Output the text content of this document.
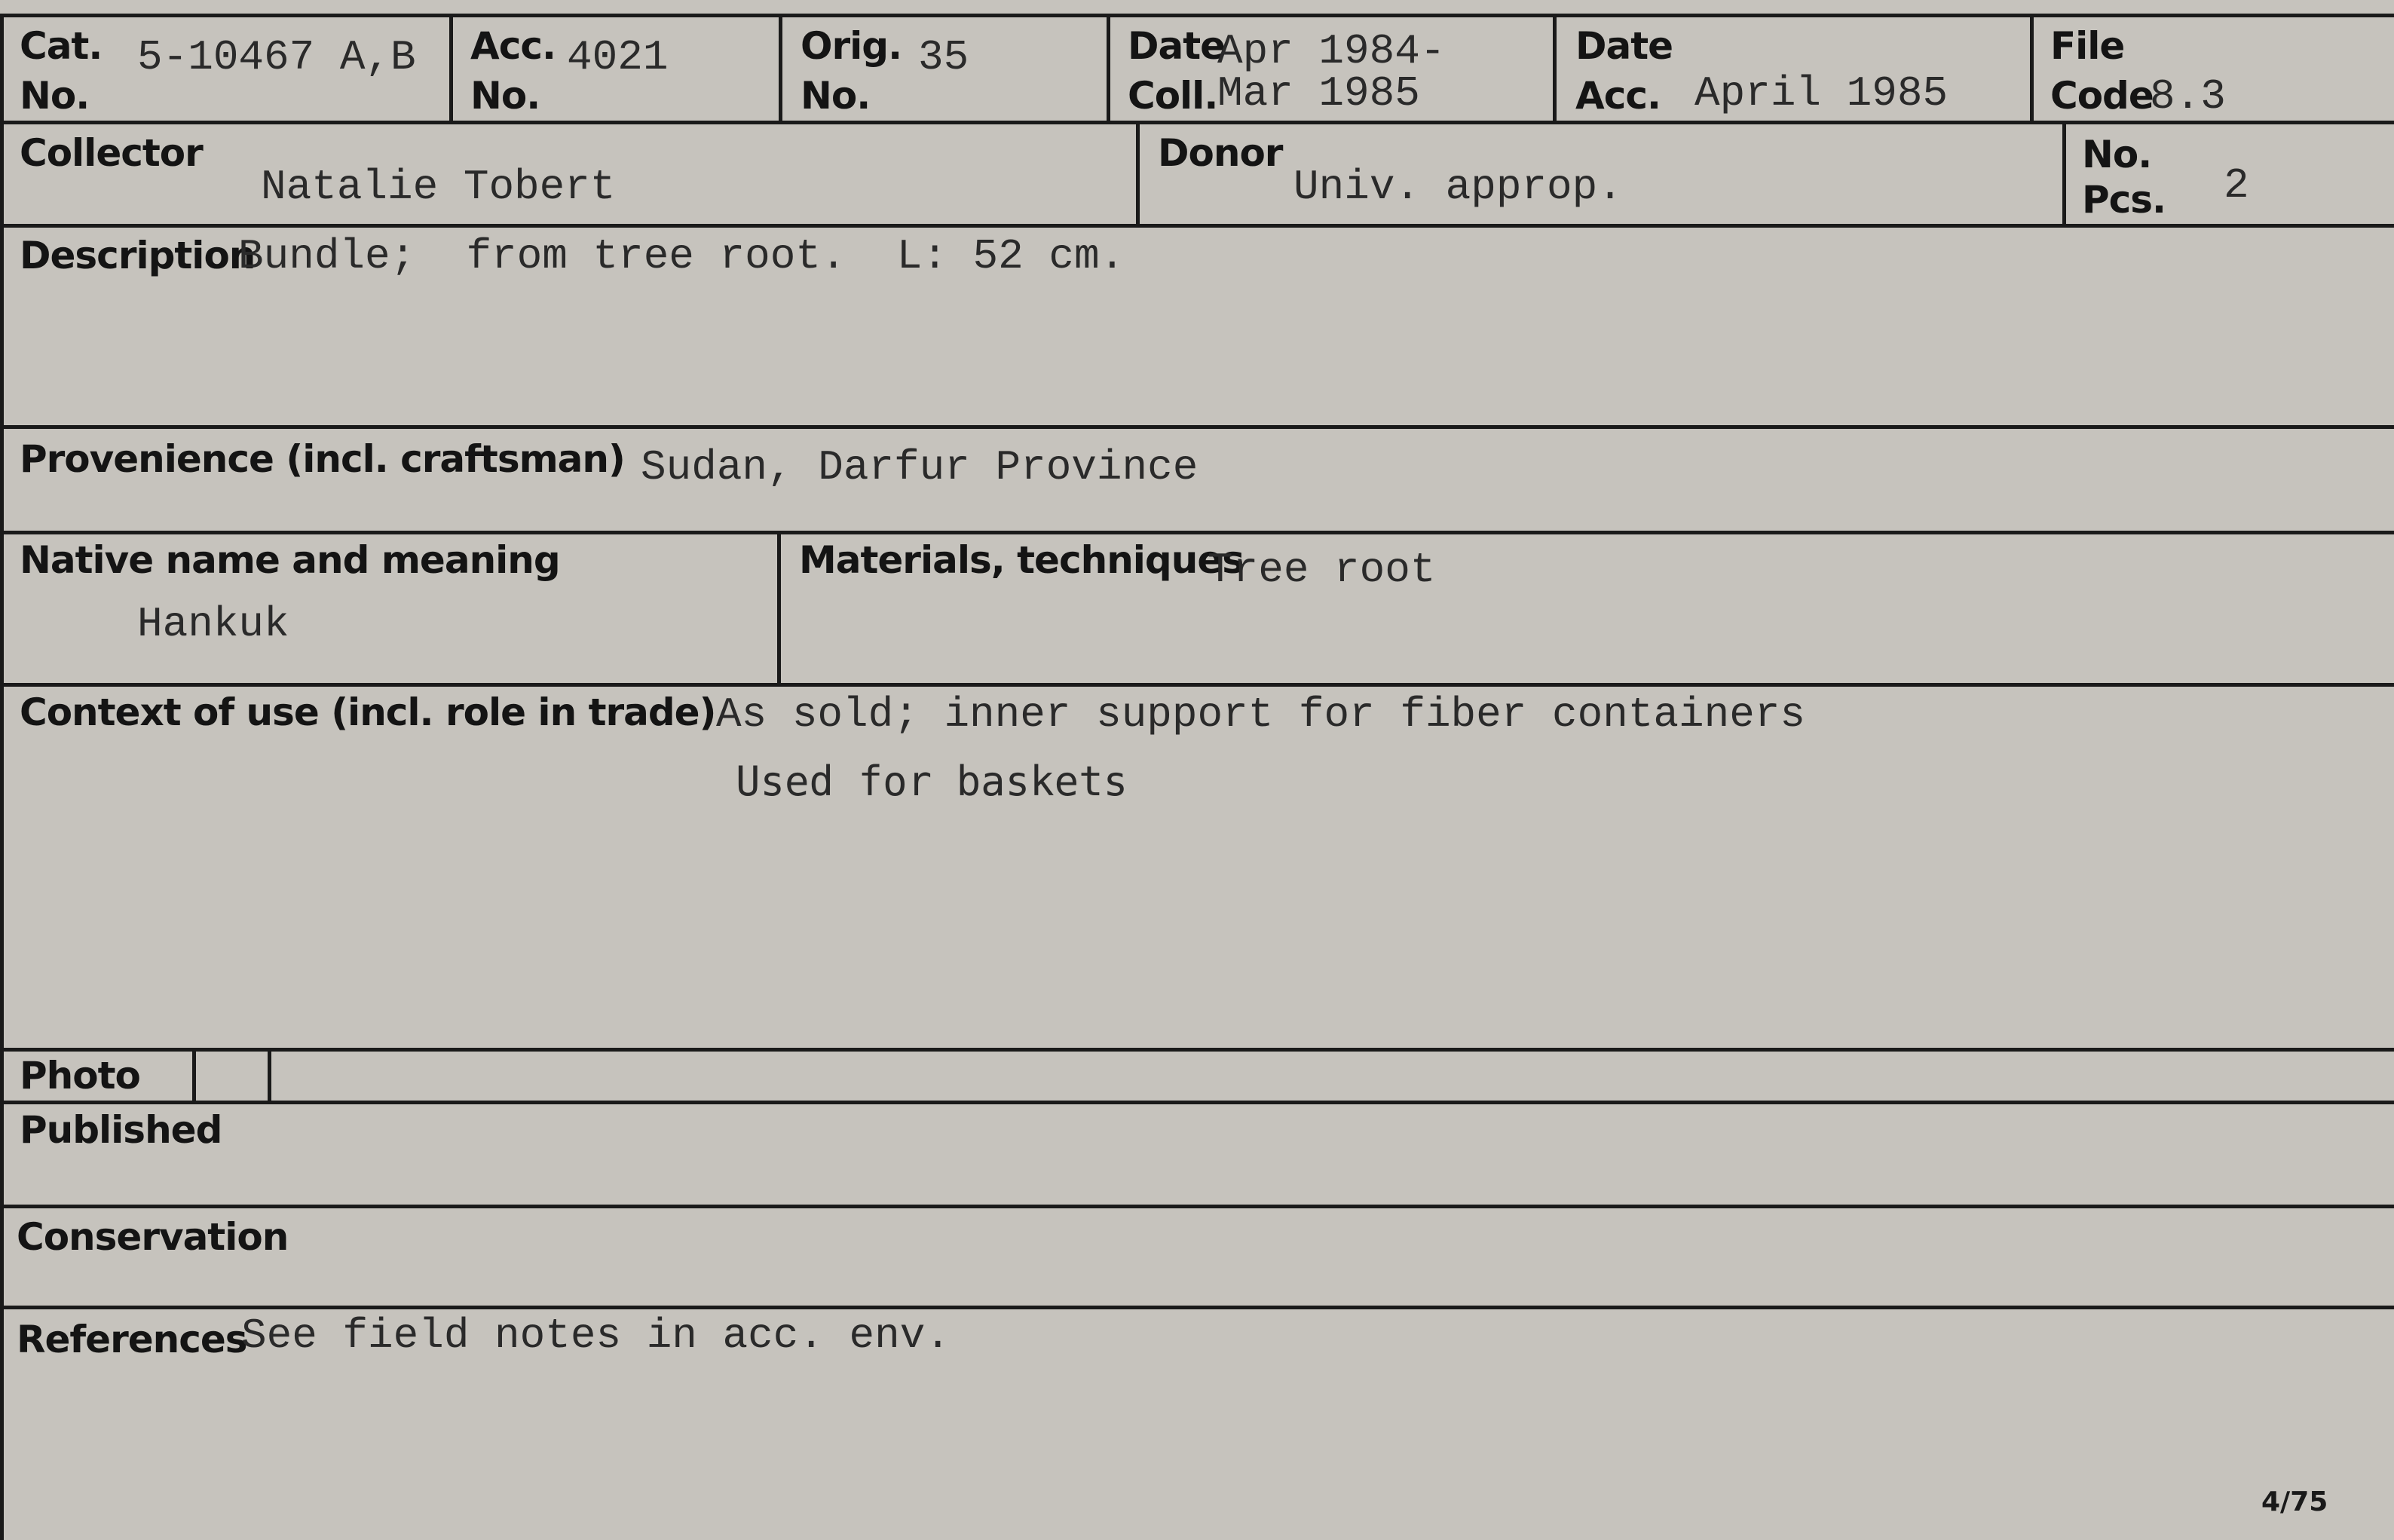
Cat.
No.
5-10467 A,B Acc.
No.
4021	Orig.
No.
35	Date
Coll.
Apr 1984-
Mar 1985
Date
Acc. April 1985
File
Code
8.3
Collector
Natalie Tobert
Donor
Univ. approp.
No.
Pcs. 2
Description
Bundle;  from tree root.  L: 52 cm.
Provenience (incl. craftsman) Sudan, Darfur Province
Native name and meaning
Hankuk
Materials, techniques
Tree root
Context of use (incl. role in trade) As sold; inner support for fiber containers
Used for baskets
Photo
Published
Conservation
References
See field notes in acc. env.
4/75
